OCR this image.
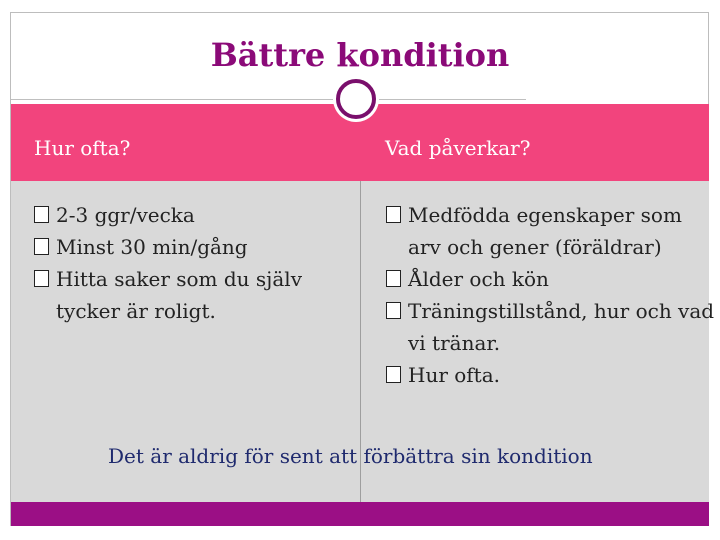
Bättre kondition
Hur ofta?	Vad påverkar?
2-3 ggr/vecka
Minst 30 min/gång
Hitta saker som du själv tycker är roligt.
Medfödda egenskaper som arv och gener (föräldrar)
Ålder och kön
Träningstillstånd, hur och vad vi tränar.
Hur ofta.
Det är aldrig för sent att förbättra sin kondition
